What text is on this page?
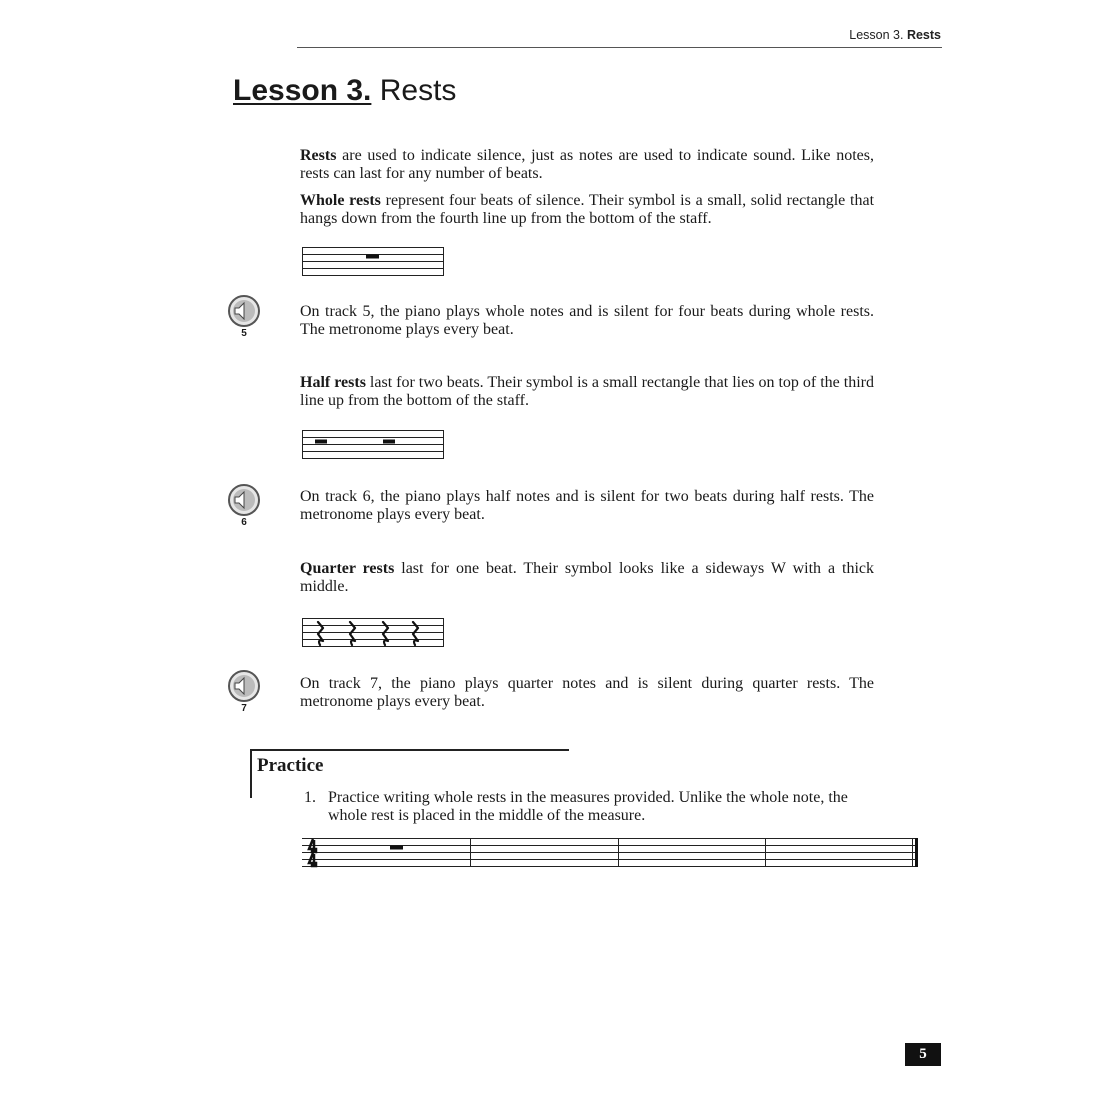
Lesson 3. Rests
Lesson 3. Rests
Rests are used to indicate silence, just as notes are used to indicate sound. Like notes, rests can last for any number of beats.
Whole rests represent four beats of silence. Their symbol is a small, solid rectangle that hangs down from the fourth line up from the bottom of the staff.
5
On track 5, the piano plays whole notes and is silent for four beats during whole rests. The metronome plays every beat.
Half rests last for two beats. Their symbol is a small rectangle that lies on top of the third line up from the bottom of the staff.
6
On track 6, the piano plays half notes and is silent for two beats during half rests. The metronome plays every beat.
Quarter rests last for one beat. Their symbol looks like a sideways W with a thick middle.
7
On track 7, the piano plays quarter notes and is silent during quarter rests. The metronome plays every beat.
Practice
1. Practice writing whole rests in the measures provided. Unlike the whole note, the whole rest is placed in the middle of the measure.
5
